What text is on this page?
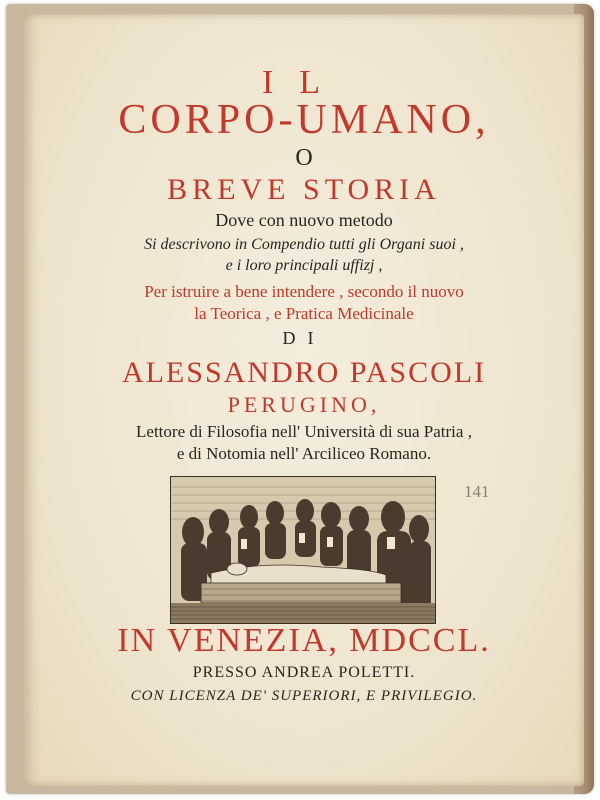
IL
CORPO-UMANO,
O
BREVE STORIA
Dove con nuovo metodo
Si descrivono in Compendio tutti gli Organi suoi ,
e i loro principali uffizj ,
Per istruire a bene intendere , secondo il nuovo
la Teorica , e Pratica Medicinale
DI
ALESSANDRO PASCOLI
PERUGINO,
Lettore di Filosofia nell' Università di sua Patria ,
e di Notomia nell' Arciliceo Romano.
141
IN VENEZIA, MDCCL.
PRESSO ANDREA POLETTI.
CON LICENZA DE' SUPERIORI, E PRIVILEGIO.
